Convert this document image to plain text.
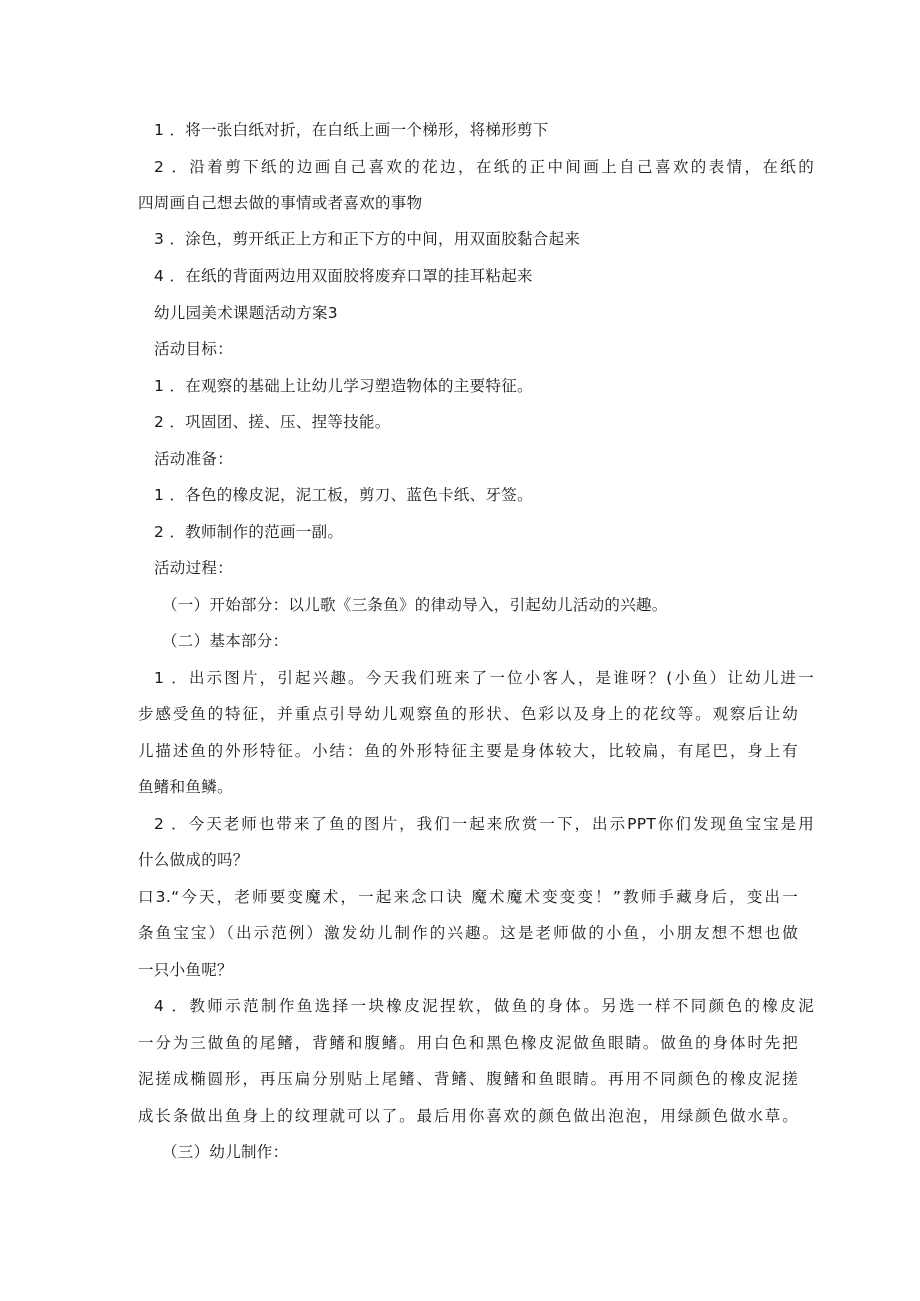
1 ．将一张白纸对折，在白纸上画一个梯形，将梯形剪下
2 ．沿着剪下纸的边画自己喜欢的花边，在纸的正中间画上自己喜欢的表情，在纸的
四周画自己想去做的事情或者喜欢的事物
3 ．涂色，剪开纸正上方和正下方的中间，用双面胶黏合起来
4 ．在纸的背面两边用双面胶将废弃口罩的挂耳粘起来
幼儿园美术课题活动方案3
活动目标：
1 ．在观察的基础上让幼儿学习塑造物体的主要特征。
2 ．巩固团、搓、压、捏等技能。
活动准备：
1 ．各色的橡皮泥，泥工板，剪刀、蓝色卡纸、牙签。
2 ．教师制作的范画一副。
活动过程：
（一）开始部分：以儿歌《三条鱼》的律动导入，引起幼儿活动的兴趣。
（二）基本部分：
1 ．出示图片，引起兴趣。今天我们班来了一位小客人，是谁呀？(小鱼）让幼儿进一
步感受鱼的特征，并重点引导幼儿观察鱼的形状、色彩以及身上的花纹等。观察后让幼
儿描述鱼的外形特征。小结：鱼的外形特征主要是身体较大，比较扁，有尾巴，身上有
鱼鳍和鱼鳞。
2 ．今天老师也带来了鱼的图片，我们一起来欣赏一下，出示PPT你们发现鱼宝宝是用
什么做成的吗？
口3.“今天，老师要变魔术，一起来念口诀 魔术魔术变变变！”教师手藏身后，变出一
条鱼宝宝）（出示范例）激发幼儿制作的兴趣。这是老师做的小鱼，小朋友想不想也做
一只小鱼呢？
4 ．教师示范制作鱼选择一块橡皮泥捏软，做鱼的身体。另选一样不同颜色的橡皮泥
一分为三做鱼的尾鳍，背鳍和腹鳍。用白色和黑色橡皮泥做鱼眼睛。做鱼的身体时先把
泥搓成椭圆形，再压扁分别贴上尾鳍、背鳍、腹鳍和鱼眼睛。再用不同颜色的橡皮泥搓
成长条做出鱼身上的纹理就可以了。最后用你喜欢的颜色做出泡泡，用绿颜色做水草。
（三）幼儿制作：
